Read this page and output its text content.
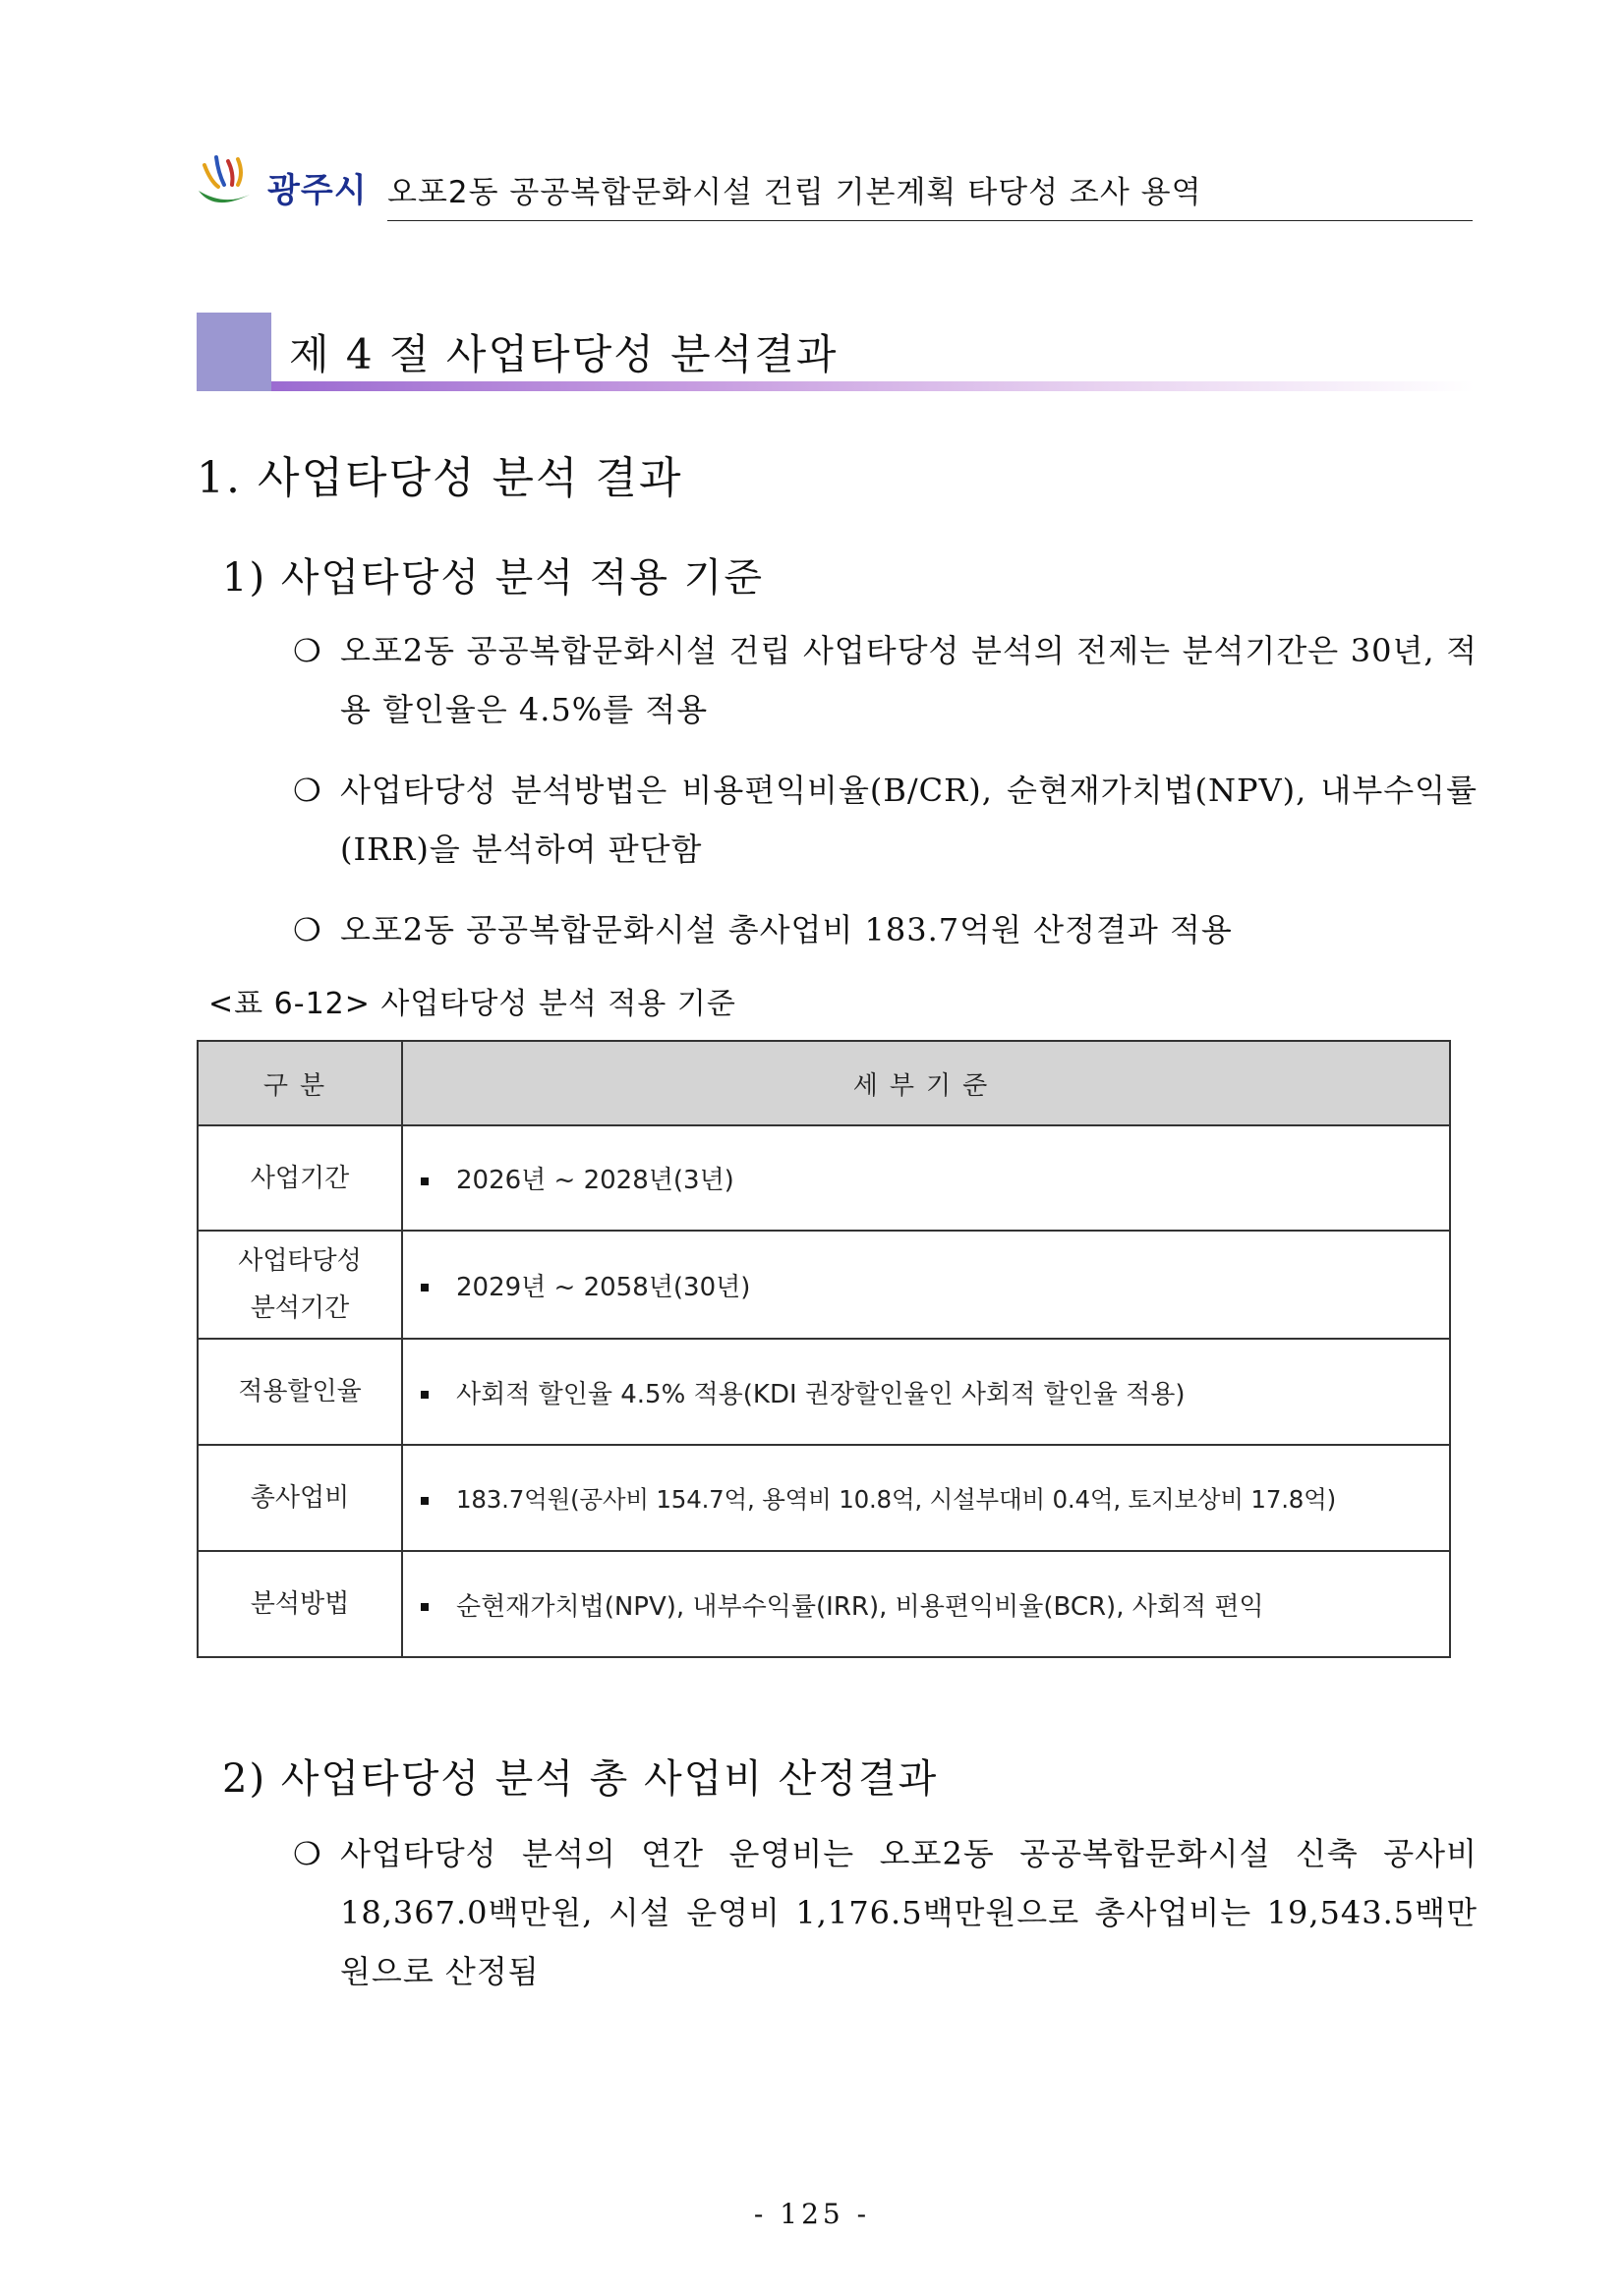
광주시 오포2동 공공복합문화시설 건립 기본계획 타당성 조사 용역
제 4 절 사업타당성 분석결과
1. 사업타당성 분석 결과
1) 사업타당성 분석 적용 기준
❍ 오포2동 공공복합문화시설 건립 사업타당성 분석의 전제는 분석기간은 30년, 적용 할인율은 4.5%를 적용
❍ 사업타당성 분석방법은 비용편익비율(B/CR), 순현재가치법(NPV), 내부수익률(IRR)을 분석하여 판단함
❍ 오포2동 공공복합문화시설 총사업비 183.7억원 산정결과 적용
<표 6-12> 사업타당성 분석 적용 기준
구분	세부기준
사업기간	2026년 ~ 2028년(3년)
사업타당성
분석기간	2029년 ~ 2058년(30년)
적용할인율	사회적 할인율 4.5% 적용(KDI 권장할인율인 사회적 할인율 적용)
총사업비	183.7억원(공사비 154.7억, 용역비 10.8억, 시설부대비 0.4억, 토지보상비 17.8억)
분석방법	순현재가치법(NPV), 내부수익률(IRR), 비용편익비율(BCR), 사회적 편익
2) 사업타당성 분석 총 사업비 산정결과
❍ 사업타당성 분석의 연간 운영비는 오포2동 공공복합문화시설 신축 공사비 18,367.0백만원, 시설 운영비 1,176.5백만원으로 총사업비는 19,543.5백만원으로 산정됨
- 125 -
